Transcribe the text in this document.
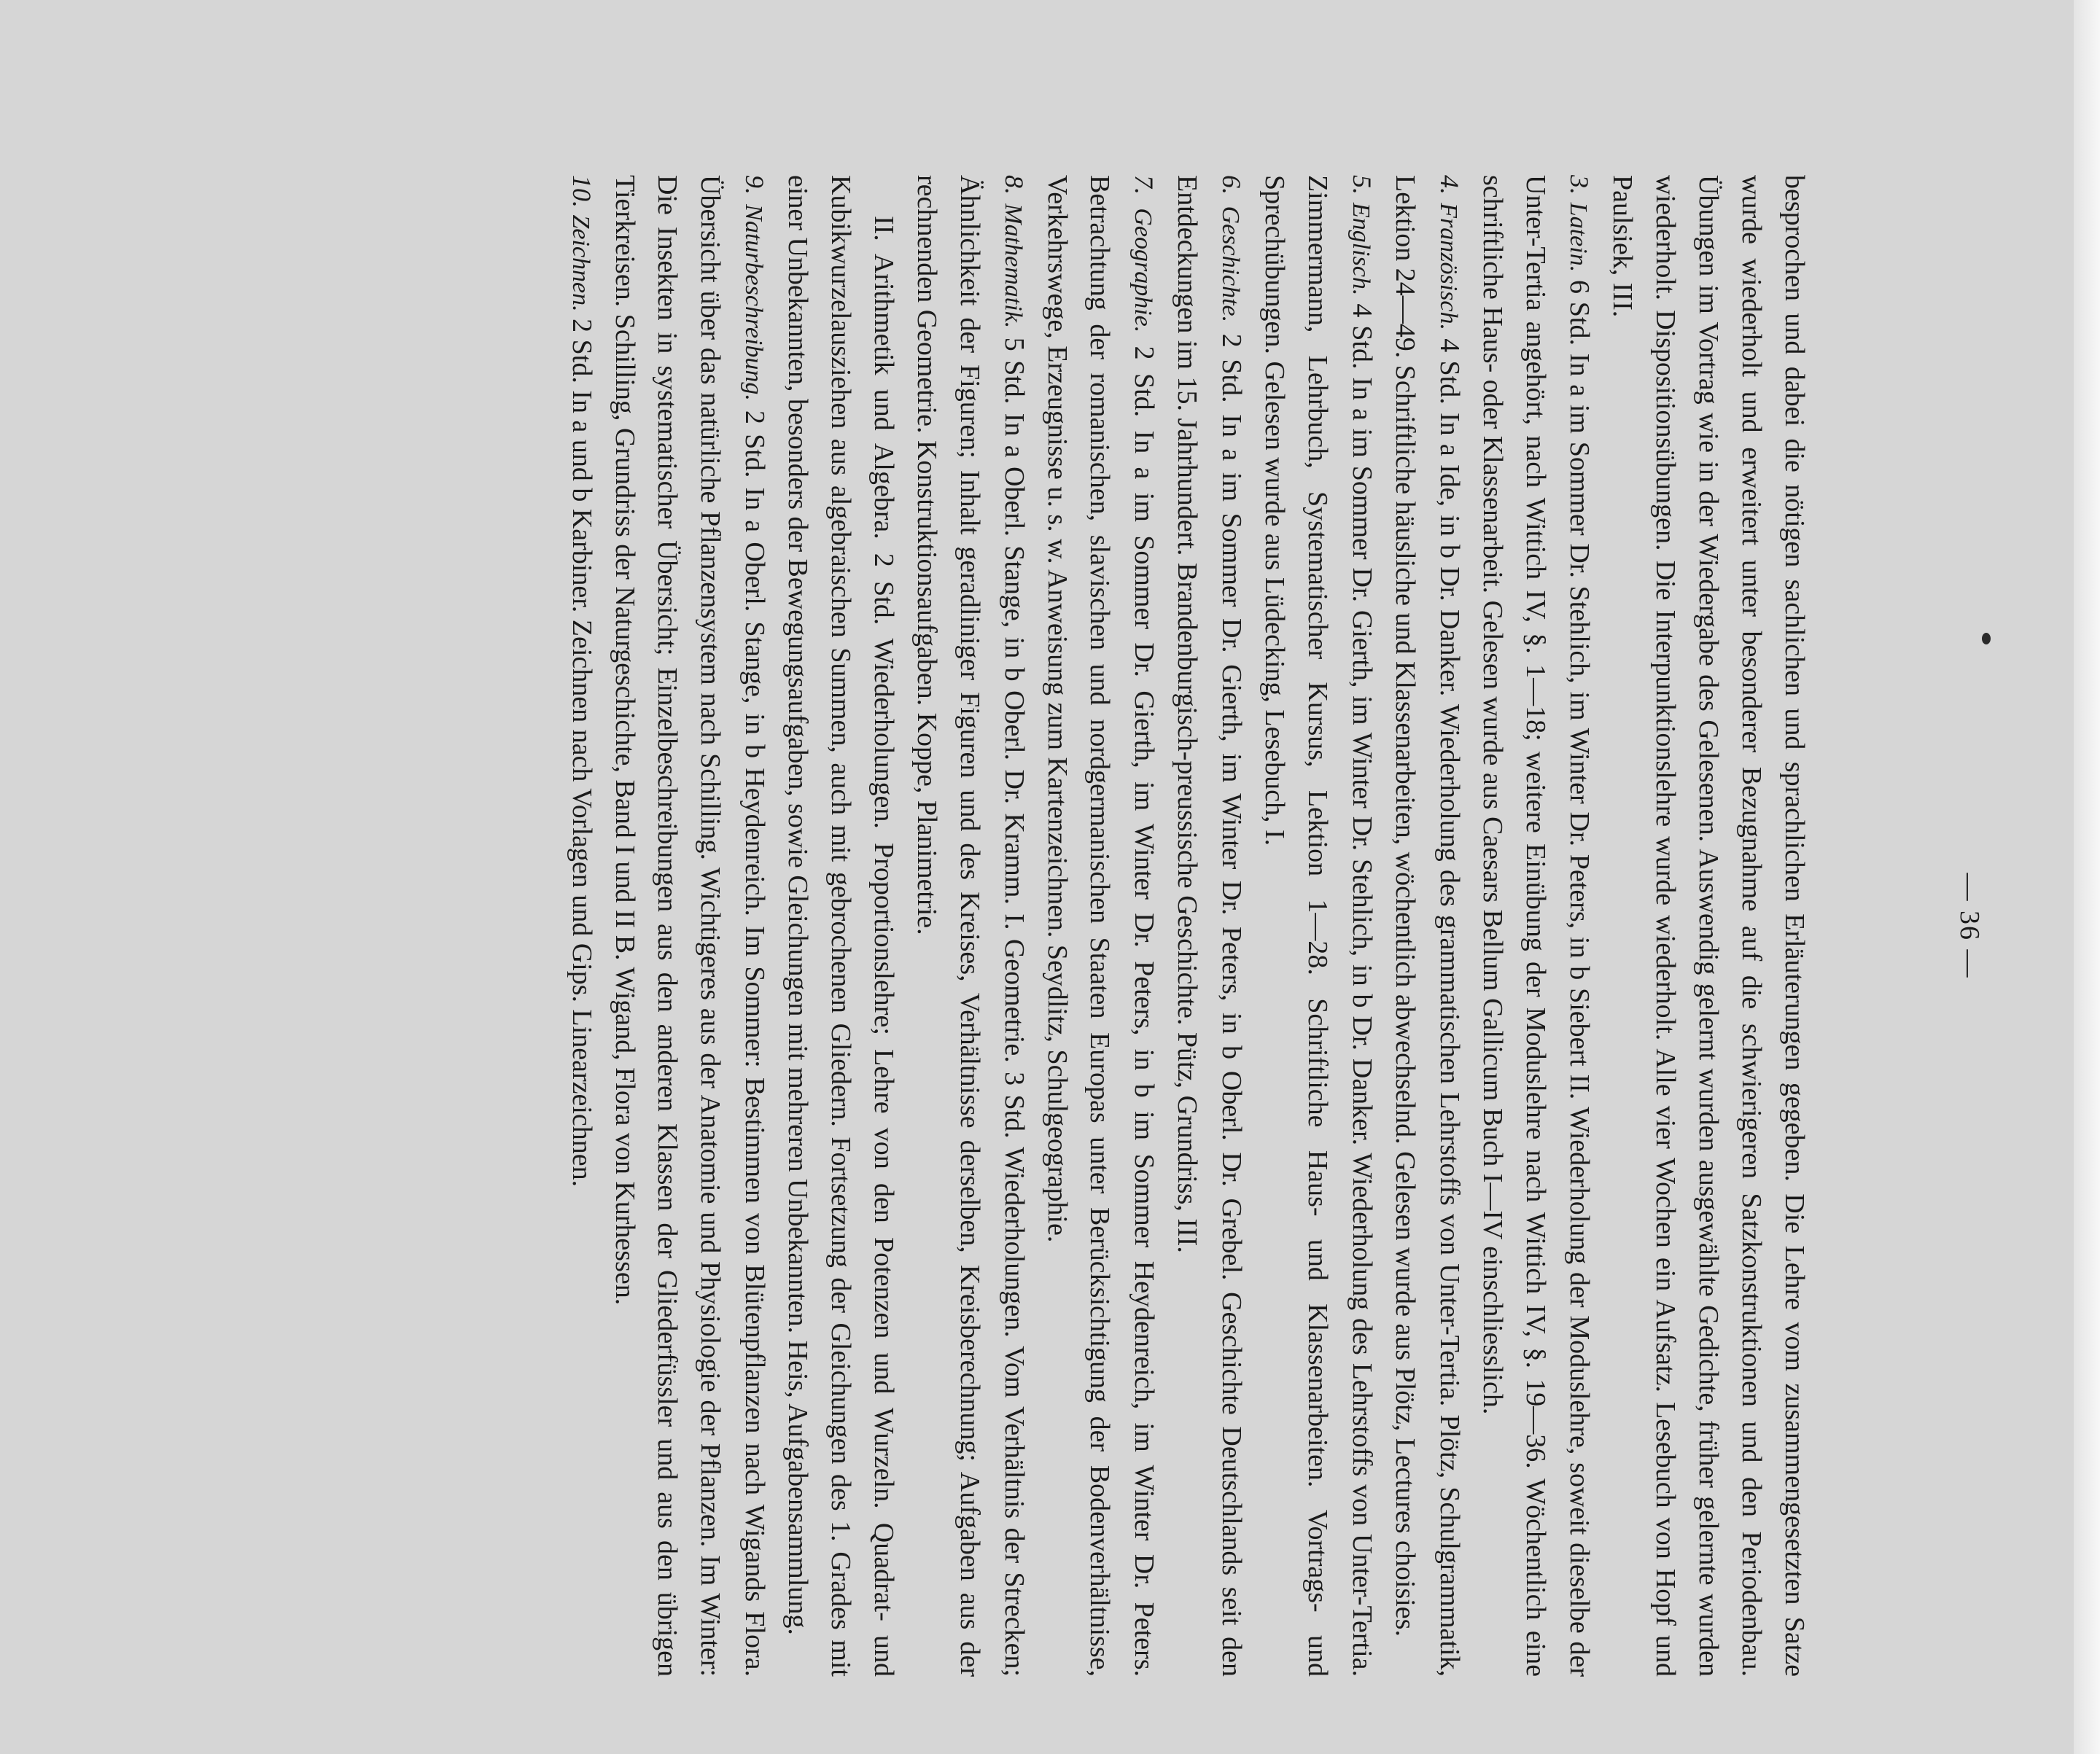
— 36 —

besprochen und dabei die nötigen sachlichen und sprachlichen Erläuterungen gegeben. Die Lehre vom zusammengesetzten Satze wurde wiederholt und erweitert unter besonderer Bezugnahme auf die schwierigeren Satzkonstruktionen und den Periodenbau. Übungen im Vortrag wie in der Wiedergabe des Gelesenen. Auswendig gelernt wurden ausgewählte Gedichte, früher gelernte wurden wiederholt. Dispositionsübungen. Die Interpunktionslehre wurde wiederholt. Alle vier Wochen ein Aufsatz. Lesebuch von Hopf und Paulsiek, III.

3. Latein. 6 Std. In a im Sommer Dr. Stehlich, im Winter Dr. Peters, in b Siebert II. Wiederholung der Moduslehre, soweit dieselbe der Unter-Tertia angehört, nach Wittich IV, §. 1—18; weitere Einübung der Moduslehre nach Wittich IV, §. 19—36. Wöchentlich eine schriftliche Haus- oder Klassenarbeit. Gelesen wurde aus Caesars Bellum Gallicum Buch I—IV einschliesslich.

4. Französisch. 4 Std. In a Ide, in b Dr. Danker. Wiederholung des grammatischen Lehrstoffs von Unter-Tertia. Plötz, Schulgrammatik, Lektion 24—49. Schriftliche häusliche und Klassenarbeiten, wöchentlich abwechselnd. Gelesen wurde aus Plötz, Lectures choisies.

5. Englisch. 4 Std. In a im Sommer Dr. Gierth, im Winter Dr. Stehlich, in b Dr. Danker. Wiederholung des Lehrstoffs von Unter-Tertia. Zimmermann, Lehrbuch, Systematischer Kursus, Lektion 1—28. Schriftliche Haus- und Klassenarbeiten. Vortrags- und Sprechübungen. Gelesen wurde aus Lüdecking, Lesebuch, I.

6. Geschichte. 2 Std. In a im Sommer Dr. Gierth, im Winter Dr. Peters, in b Oberl. Dr. Grebel. Geschichte Deutschlands seit den Entdeckungen im 15. Jahrhundert. Brandenburgisch-preussische Geschichte. Pütz, Grundriss, III.

7. Geographie. 2 Std. In a im Sommer Dr. Gierth, im Winter Dr. Peters, in b im Sommer Heydenreich, im Winter Dr. Peters. Betrachtung der romanischen, slavischen und nordgermanischen Staaten Europas unter Berücksichtigung der Bodenverhältnisse, Verkehrswege, Erzeugnisse u. s. w. Anweisung zum Kartenzeichnen. Seydlitz, Schulgeographie.

8. Mathematik. 5 Std. In a Oberl. Stange, in b Oberl. Dr. Kramm. I. Geometrie. 3 Std. Wiederholungen. Vom Verhältnis der Strecken; Ähnlichkeit der Figuren; Inhalt geradliniger Figuren und des Kreises, Verhältnisse derselben, Kreisberechnung; Aufgaben aus der rechnenden Geometrie. Konstruktionsaufgaben. Koppe, Planimetrie.

II. Arithmetik und Algebra. 2 Std. Wiederholungen. Proportionslehre; Lehre von den Potenzen und Wurzeln. Quadrat- und Kubikwurzelausziehen aus algebraischen Summen, auch mit gebrochenen Gliedern. Fortsetzung der Gleichungen des 1. Grades mit einer Unbekannten, besonders der Bewegungsaufgaben, sowie Gleichungen mit mehreren Unbekannten. Heis, Aufgabensammlung.

9. Naturbeschreibung. 2 Std. In a Oberl. Stange, in b Heydenreich. Im Sommer: Bestimmen von Blütenpflanzen nach Wigands Flora. Übersicht über das natürliche Pflanzensystem nach Schilling. Wichtigeres aus der Anatomie und Physiologie der Pflanzen. Im Winter: Die Insekten in systematischer Übersicht; Einzelbeschreibungen aus den anderen Klassen der Gliederfüssler und aus den übrigen Tierkreisen. Schilling, Grundriss der Naturgeschichte, Band I und II B. Wigand, Flora von Kurhessen.

10. Zeichnen. 2 Std. In a und b Karbiner. Zeichnen nach Vorlagen und Gips. Linearzeichnen.
